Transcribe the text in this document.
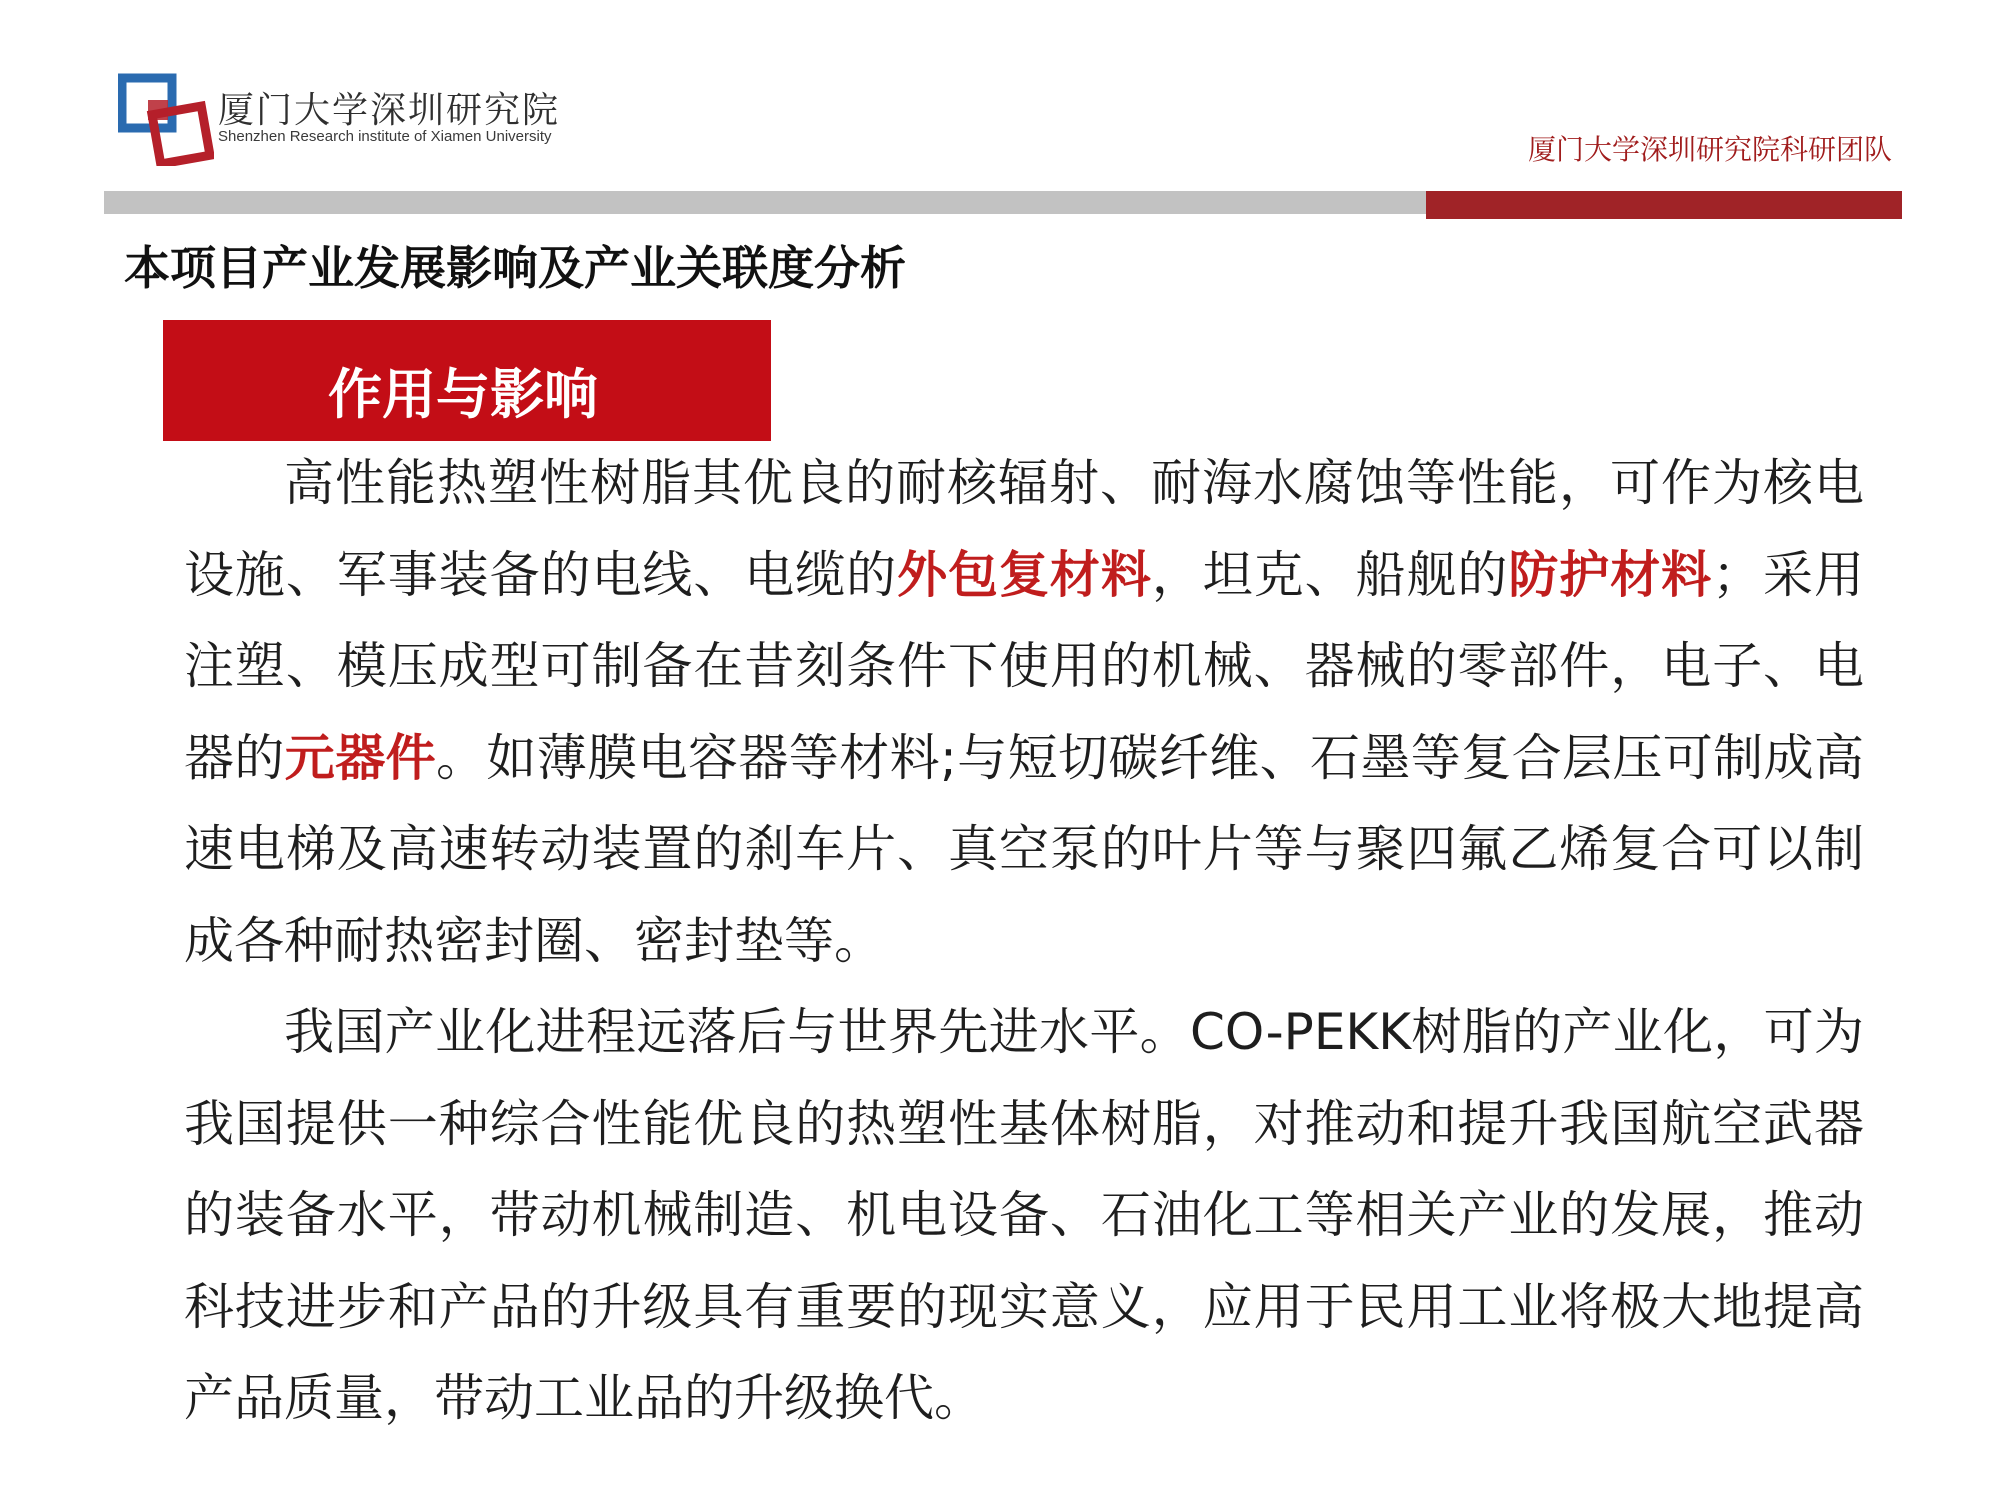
厦门大学深圳研究院
Shenzhen Research institute of Xiamen University	厦门大学深圳研究院科研团队
本项目产业发展影响及产业关联度分析
作用与影响

高性能热塑性树脂其优良的耐核辐射、耐海水腐蚀等性能，可作为核电设施、军事装备的电线、电缆的外包复材料，坦克、船舰的防护材料；采用注塑、模压成型可制备在昔刻条件下使用的机械、器械的零部件，电子、电器的元器件。如薄膜电容器等材料;与短切碳纤维、石墨等复合层压可制成高速电梯及高速转动装置的刹车片、真空泵的叶片等与聚四氟乙烯复合可以制成各种耐热密封圈、密封垫等。

我国产业化进程远落后与世界先进水平。CO-PEKK树脂的产业化，可为我国提供一种综合性能优良的热塑性基体树脂，对推动和提升我国航空武器的装备水平，带动机械制造、机电设备、石油化工等相关产业的发展，推动科技进步和产品的升级具有重要的现实意义，应用于民用工业将极大地提高产品质量，带动工业品的升级换代。
